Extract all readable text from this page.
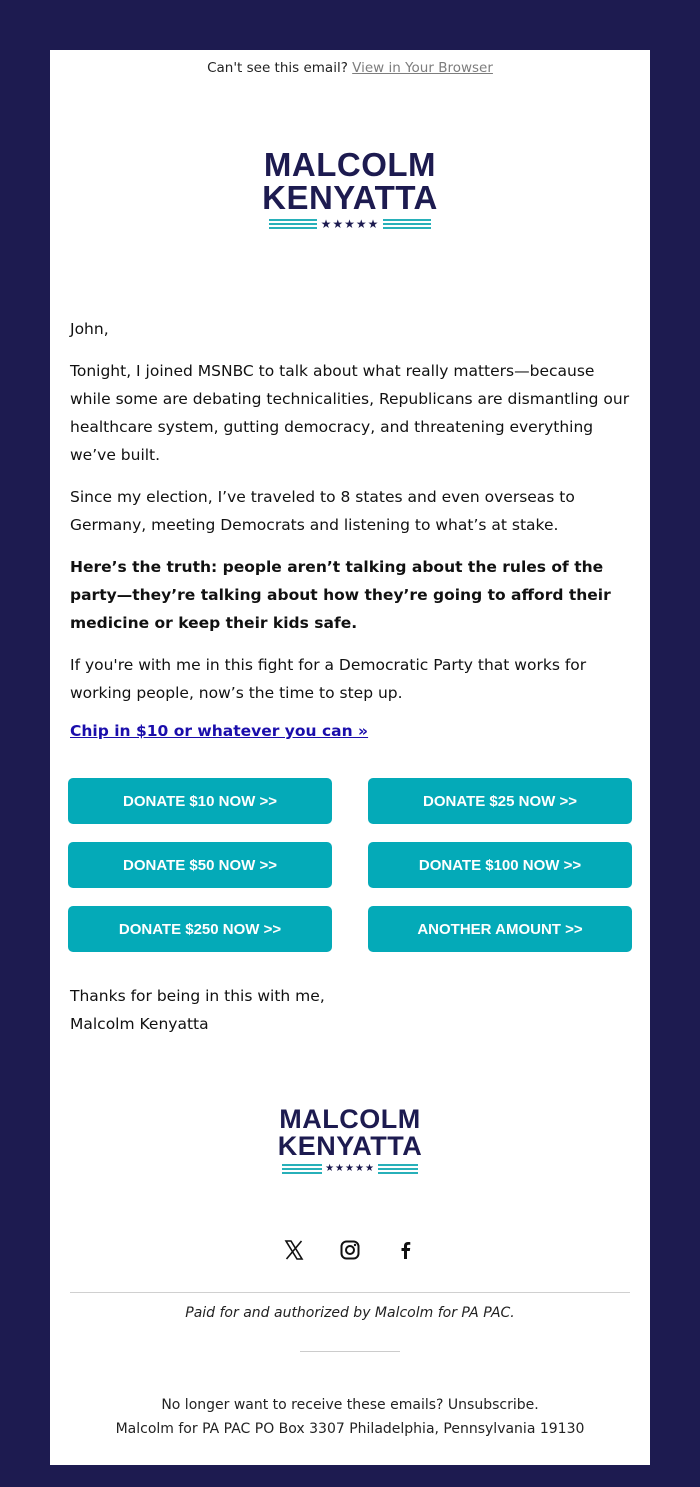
Can't see this email? View in Your Browser
MALCOLM
KENYATTA
★★★★★

John,

Tonight, I joined MSNBC to talk about what really matters—because while some are debating technicalities, Republicans are dismantling our healthcare system, gutting democracy, and threatening everything we’ve built.

Since my election, I’ve traveled to 8 states and even overseas to Germany, meeting Democrats and listening to what’s at stake.

Here’s the truth: people aren’t talking about the rules of the party—they’re talking about how they’re going to afford their medicine or keep their kids safe.

If you're with me in this fight for a Democratic Party that works for working people, now’s the time to step up.

Chip in $10 or whatever you can »
DONATE $10 NOW >>	DONATE $25 NOW >>
DONATE $50 NOW >>	DONATE $100 NOW >>
DONATE $250 NOW >>	ANOTHER AMOUNT >>
Thanks for being in this with me,
Malcolm Kenyatta
MALCOLM
KENYATTA
★★★★★
Paid for and authorized by Malcolm for PA PAC.
No longer want to receive these emails? Unsubscribe.
Malcolm for PA PAC PO Box 3307 Philadelphia, Pennsylvania 19130
